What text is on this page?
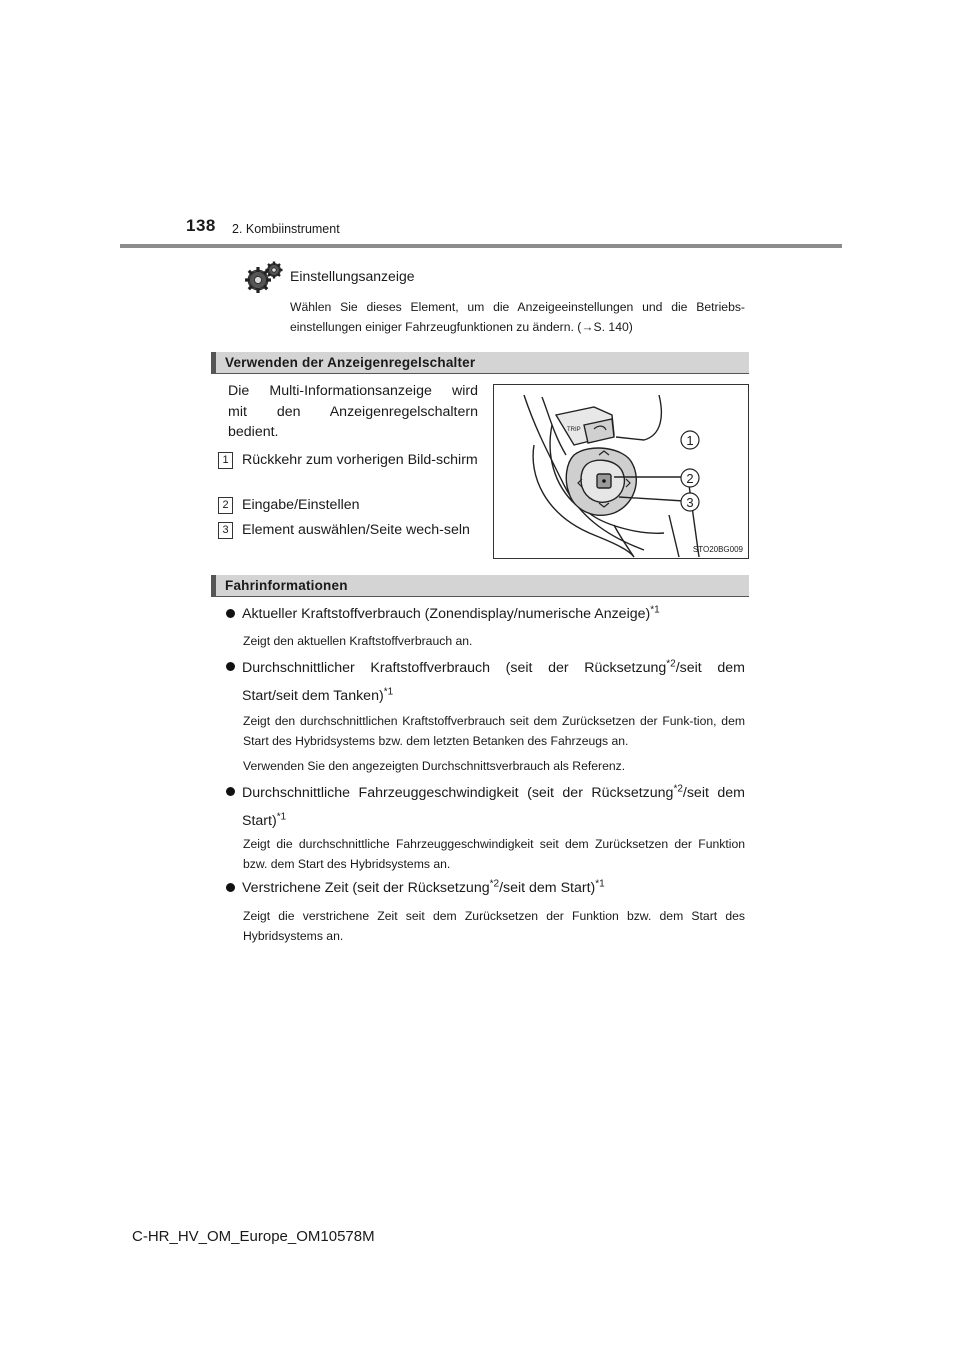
138 2. Kombiinstrument
Einstellungsanzeige
Wählen Sie dieses Element, um die Anzeigeeinstellungen und die Betriebs-einstellungen einiger Fahrzeugfunktionen zu ändern. (→S. 140)
Verwenden der Anzeigenregelschalter
Die Multi-Informationsanzeige wird
mit den Anzeigenregelschaltern
bedient.
1 Rückkehr zum vorherigen Bild-schirm
2 Eingabe/Einstellen
3 Element auswählen/Seite wech-seln
TRIP
1
2
3
STO20BG009
Fahrinformationen
Aktueller Kraftstoffverbrauch (Zonendisplay/numerische Anzeige)$^{*1}$
Zeigt den aktuellen Kraftstoffverbrauch an.
Durchschnittlicher Kraftstoffverbrauch (seit der Rücksetzung$^{*2}$/seit dem Start/seit dem Tanken)$^{*1}$
Zeigt den durchschnittlichen Kraftstoffverbrauch seit dem Zurücksetzen der Funk-tion, dem Start des Hybridsystems bzw. dem letzten Betanken des Fahrzeugs an.
Verwenden Sie den angezeigten Durchschnittsverbrauch als Referenz.
Durchschnittliche Fahrzeuggeschwindigkeit (seit der Rücksetzung$^{*2}$/seit dem Start)$^{*1}$
Zeigt die durchschnittliche Fahrzeuggeschwindigkeit seit dem Zurücksetzen der Funktion bzw. dem Start des Hybridsystems an.
Verstrichene Zeit (seit der Rücksetzung$^{*2}$/seit dem Start)$^{*1}$
Zeigt die verstrichene Zeit seit dem Zurücksetzen der Funktion bzw. dem Start des Hybridsystems an.
C-HR_HV_OM_Europe_OM10578M
